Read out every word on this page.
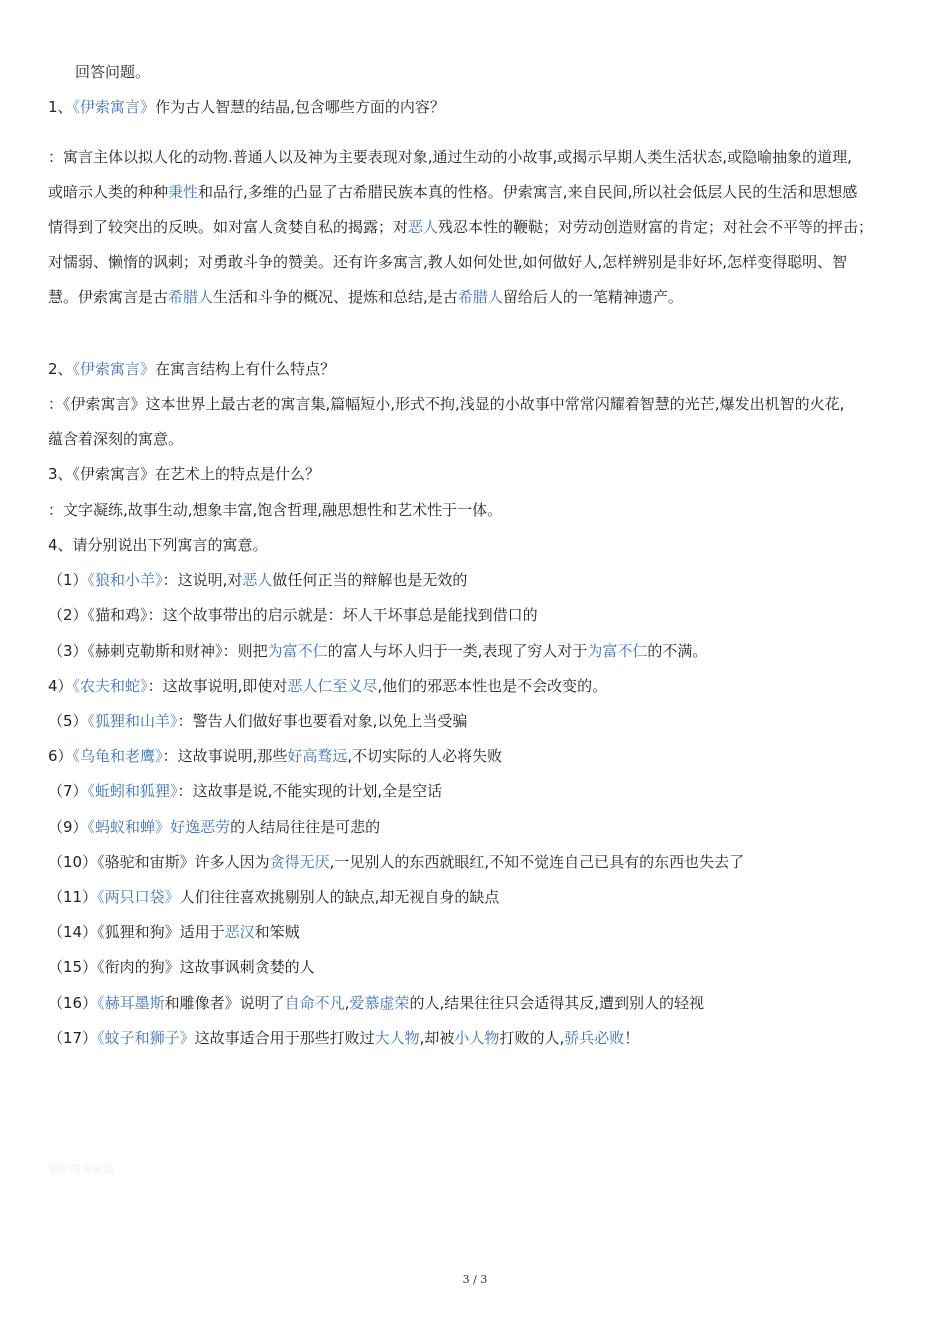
回答问题。
1、《伊索寓言》作为古人智慧的结晶,包含哪些方面的内容？
：寓言主体以拟人化的动物.普通人以及神为主要表现对象,通过生动的小故事,或揭示早期人类生活状态,或隐喻抽象的道理,
或暗示人类的种种秉性和品行,多维的凸显了古希腊民族本真的性格。伊索寓言,来自民间,所以社会低层人民的生活和思想感
情得到了较突出的反映。如对富人贪婪自私的揭露；对恶人残忍本性的鞭鞑；对劳动创造财富的肯定；对社会不平等的抨击；
对懦弱、懒惰的讽刺；对勇敢斗争的赞美。还有许多寓言,教人如何处世,如何做好人,怎样辨别是非好坏,怎样变得聪明、智
慧。伊索寓言是古希腊人生活和斗争的概况、提炼和总结,是古希腊人留给后人的一笔精神遗产。
2、《伊索寓言》在寓言结构上有什么特点？
：《伊索寓言》这本世界上最古老的寓言集,篇幅短小,形式不拘,浅显的小故事中常常闪耀着智慧的光芒,爆发出机智的火花,
蕴含着深刻的寓意。
3、《伊索寓言》在艺术上的特点是什么？
：文字凝练,故事生动,想象丰富,饱含哲理,融思想性和艺术性于一体。
4、请分别说出下列寓言的寓意。
（1）《狼和小羊》：这说明,对恶人做任何正当的辩解也是无效的
（2）《猫和鸡》：这个故事带出的启示就是：坏人干坏事总是能找到借口的
（3）《赫刺克勒斯和财神》：则把为富不仁的富人与坏人归于一类,表现了穷人对于为富不仁的不满。
4）《农夫和蛇》：这故事说明,即使对恶人仁至义尽,他们的邪恶本性也是不会改变的。
（5）《狐狸和山羊》：警告人们做好事也要看对象,以免上当受骗
6）《乌龟和老鹰》：这故事说明,那些好高骛远,不切实际的人必将失败
（7）《蚯蚓和狐狸》：这故事是说,不能实现的计划,全是空话
（9）《蚂蚁和蝉》好逸恶劳的人结局往往是可悲的
（10）《骆驼和宙斯》许多人因为贪得无厌,一见别人的东西就眼红,不知不觉连自己已具有的东西也失去了
（11）《两只口袋》人们往往喜欢挑剔别人的缺点,却无视自身的缺点
（14）《狐狸和狗》适用于恶汉和笨贼
（15）《衔肉的狗》这故事讽刺贪婪的人
（16）《赫耳墨斯和雕像者》说明了自命不凡,爱慕虚荣的人,结果往往只会适得其反,遭到别人的轻视
（17）《蚊子和狮子》这故事适合用于那些打败过大人物,却被小人物打败的人,骄兵必败！
知识改变命运
3 / 3
